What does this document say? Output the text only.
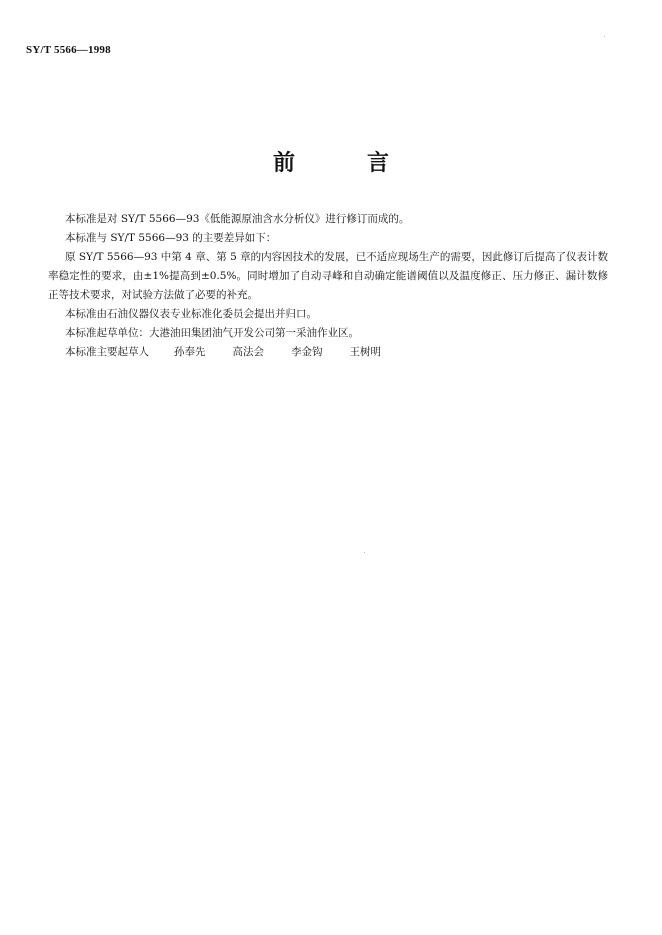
SY/T 5566—1998
前	言

本标准是对 SY/T 5566—93《低能源原油含水分析仪》进行修订而成的。

本标准与 SY/T 5566—93 的主要差异如下：

原 SY/T 5566—93 中第 4 章、第 5 章的内容因技术的发展，已不适应现场生产的需要，因此修订后提高了仪表计数率稳定性的要求，由±1%提高到±0.5%。同时增加了自动寻峰和自动确定能谱阈值以及温度修正、压力修正、漏计数修正等技术要求，对试验方法做了必要的补充。

本标准由石油仪器仪表专业标准化委员会提出并归口。

本标准起草单位：大港油田集团油气开发公司第一采油作业区。

本标准主要起草人 孙奉先	高法会	李金钩	王树明
